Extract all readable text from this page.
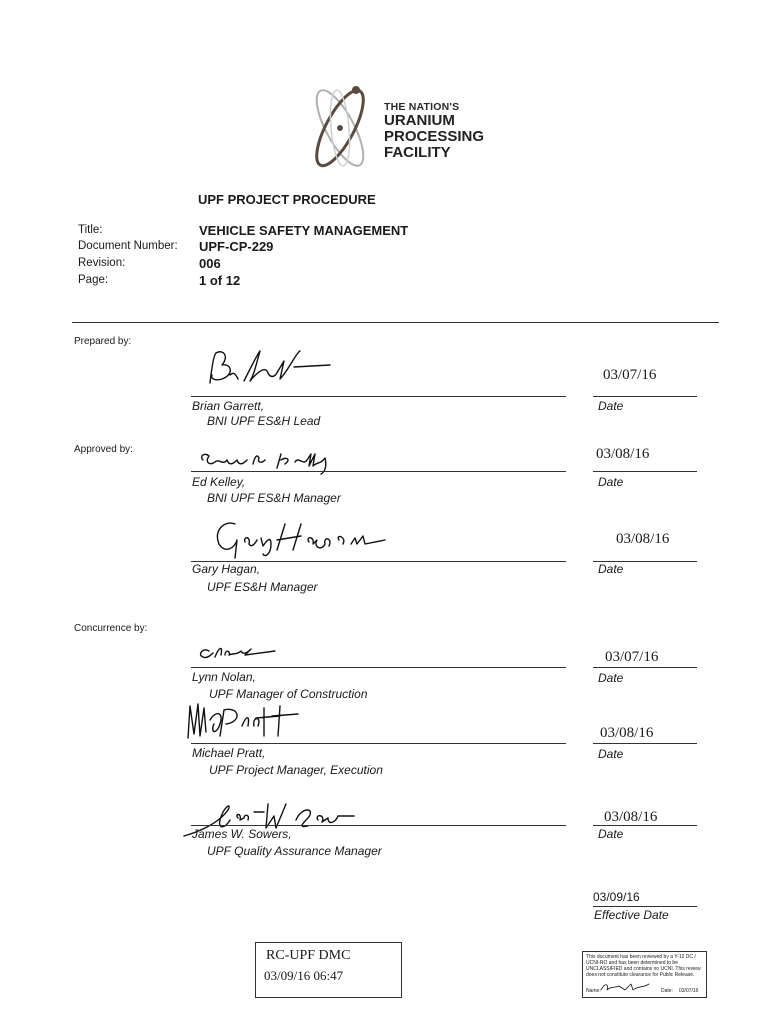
THE NATION'S
URANIUM
PROCESSING
FACILITY
UPF PROJECT PROCEDURE
Title:	VEHICLE SAFETY MANAGEMENT
Document Number: UPF-CP-229
Revision:	006
Page:	1 of 12
Prepared by:
03/07/16
Brian Garrett,
BNI UPF ES&H Lead
Date
Approved by:	03/08/16
Ed Kelley,
BNI UPF ES&H Manager
Date
03/08/16
Gary Hagan,
UPF ES&H Manager
Date
Concurrence by:
03/07/16
Lynn Nolan,
UPF Manager of Construction
Date
03/08/16
Michael Pratt,
UPF Project Manager, Execution
Date
03/08/16
James W. Sowers,
UPF Quality Assurance Manager
Date
03/09/16
Effective Date
RC-UPF DMC
03/09/16 06:47
This document has been reviewed by a Y-12 DC / UCNI-RO and has been determined to be UNCLASSIFIED and contains no UCNI. This review does not constitute clearance for Public Release.
Name:	Date: 03/07/16
